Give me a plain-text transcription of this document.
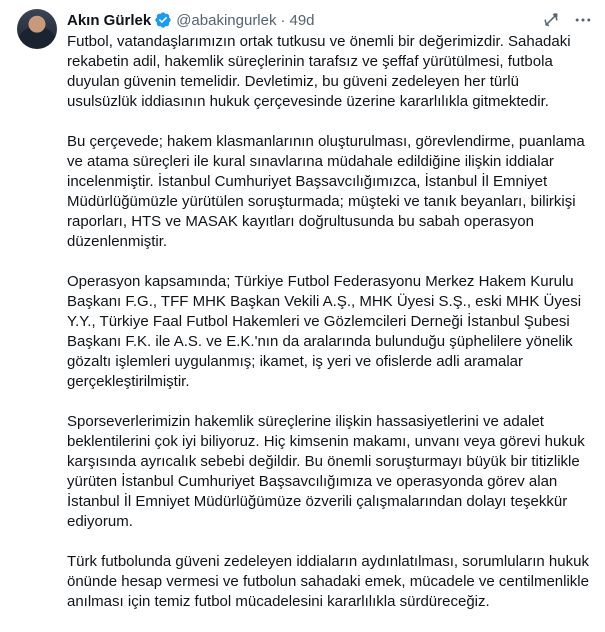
Akın Gürlek @abakingurlek · 49d

Futbol, vatandaşlarımızın ortak tutkusu ve önemli bir değerimizdir. Sahadaki rekabetin adil, hakemlik süreçlerinin tarafsız ve şeffaf yürütülmesi, futbola duyulan güvenin temelidir. Devletimiz, bu güveni zedeleyen her türlü usulsüzlük iddiasının hukuk çerçevesinde üzerine kararlılıkla gitmektedir.

Bu çerçevede; hakem klasmanlarının oluşturulması, görevlendirme, puanlama ve atama süreçleri ile kural sınavlarına müdahale edildiğine ilişkin iddialar incelenmiştir. İstanbul Cumhuriyet Başsavcılığımızca, İstanbul İl Emniyet Müdürlüğümüzle yürütülen soruşturmada; müşteki ve tanık beyanları, bilirkişi raporları, HTS ve MASAK kayıtları doğrultusunda bu sabah operasyon düzenlenmiştir.

Operasyon kapsamında; Türkiye Futbol Federasyonu Merkez Hakem Kurulu Başkanı F.G., TFF MHK Başkan Vekili A.Ş., MHK Üyesi S.Ş., eski MHK Üyesi Y.Y., Türkiye Faal Futbol Hakemleri ve Gözlemcileri Derneği İstanbul Şubesi Başkanı F.K. ile A.S. ve E.K.'nın da aralarında bulunduğu şüphelilere yönelik gözaltı işlemleri uygulanmış; ikamet, iş yeri ve ofislerde adli aramalar gerçekleştirilmiştir.

Sporseverlerimizin hakemlik süreçlerine ilişkin hassasiyetlerini ve adalet beklentilerini çok iyi biliyoruz. Hiç kimsenin makamı, unvanı veya görevi hukuk karşısında ayrıcalık sebebi değildir. Bu önemli soruşturmayı büyük bir titizlikle yürüten İstanbul Cumhuriyet Başsavcılığımıza ve operasyonda görev alan İstanbul İl Emniyet Müdürlüğümüze özverili çalışmalarından dolayı teşekkür ediyorum.

Türk futbolunda güveni zedeleyen iddiaların aydınlatılması, sorumluların hukuk önünde hesap vermesi ve futbolun sahadaki emek, mücadele ve centilmenlikle anılması için temiz futbol mücadelesini kararlılıkla sürdüreceğiz.
